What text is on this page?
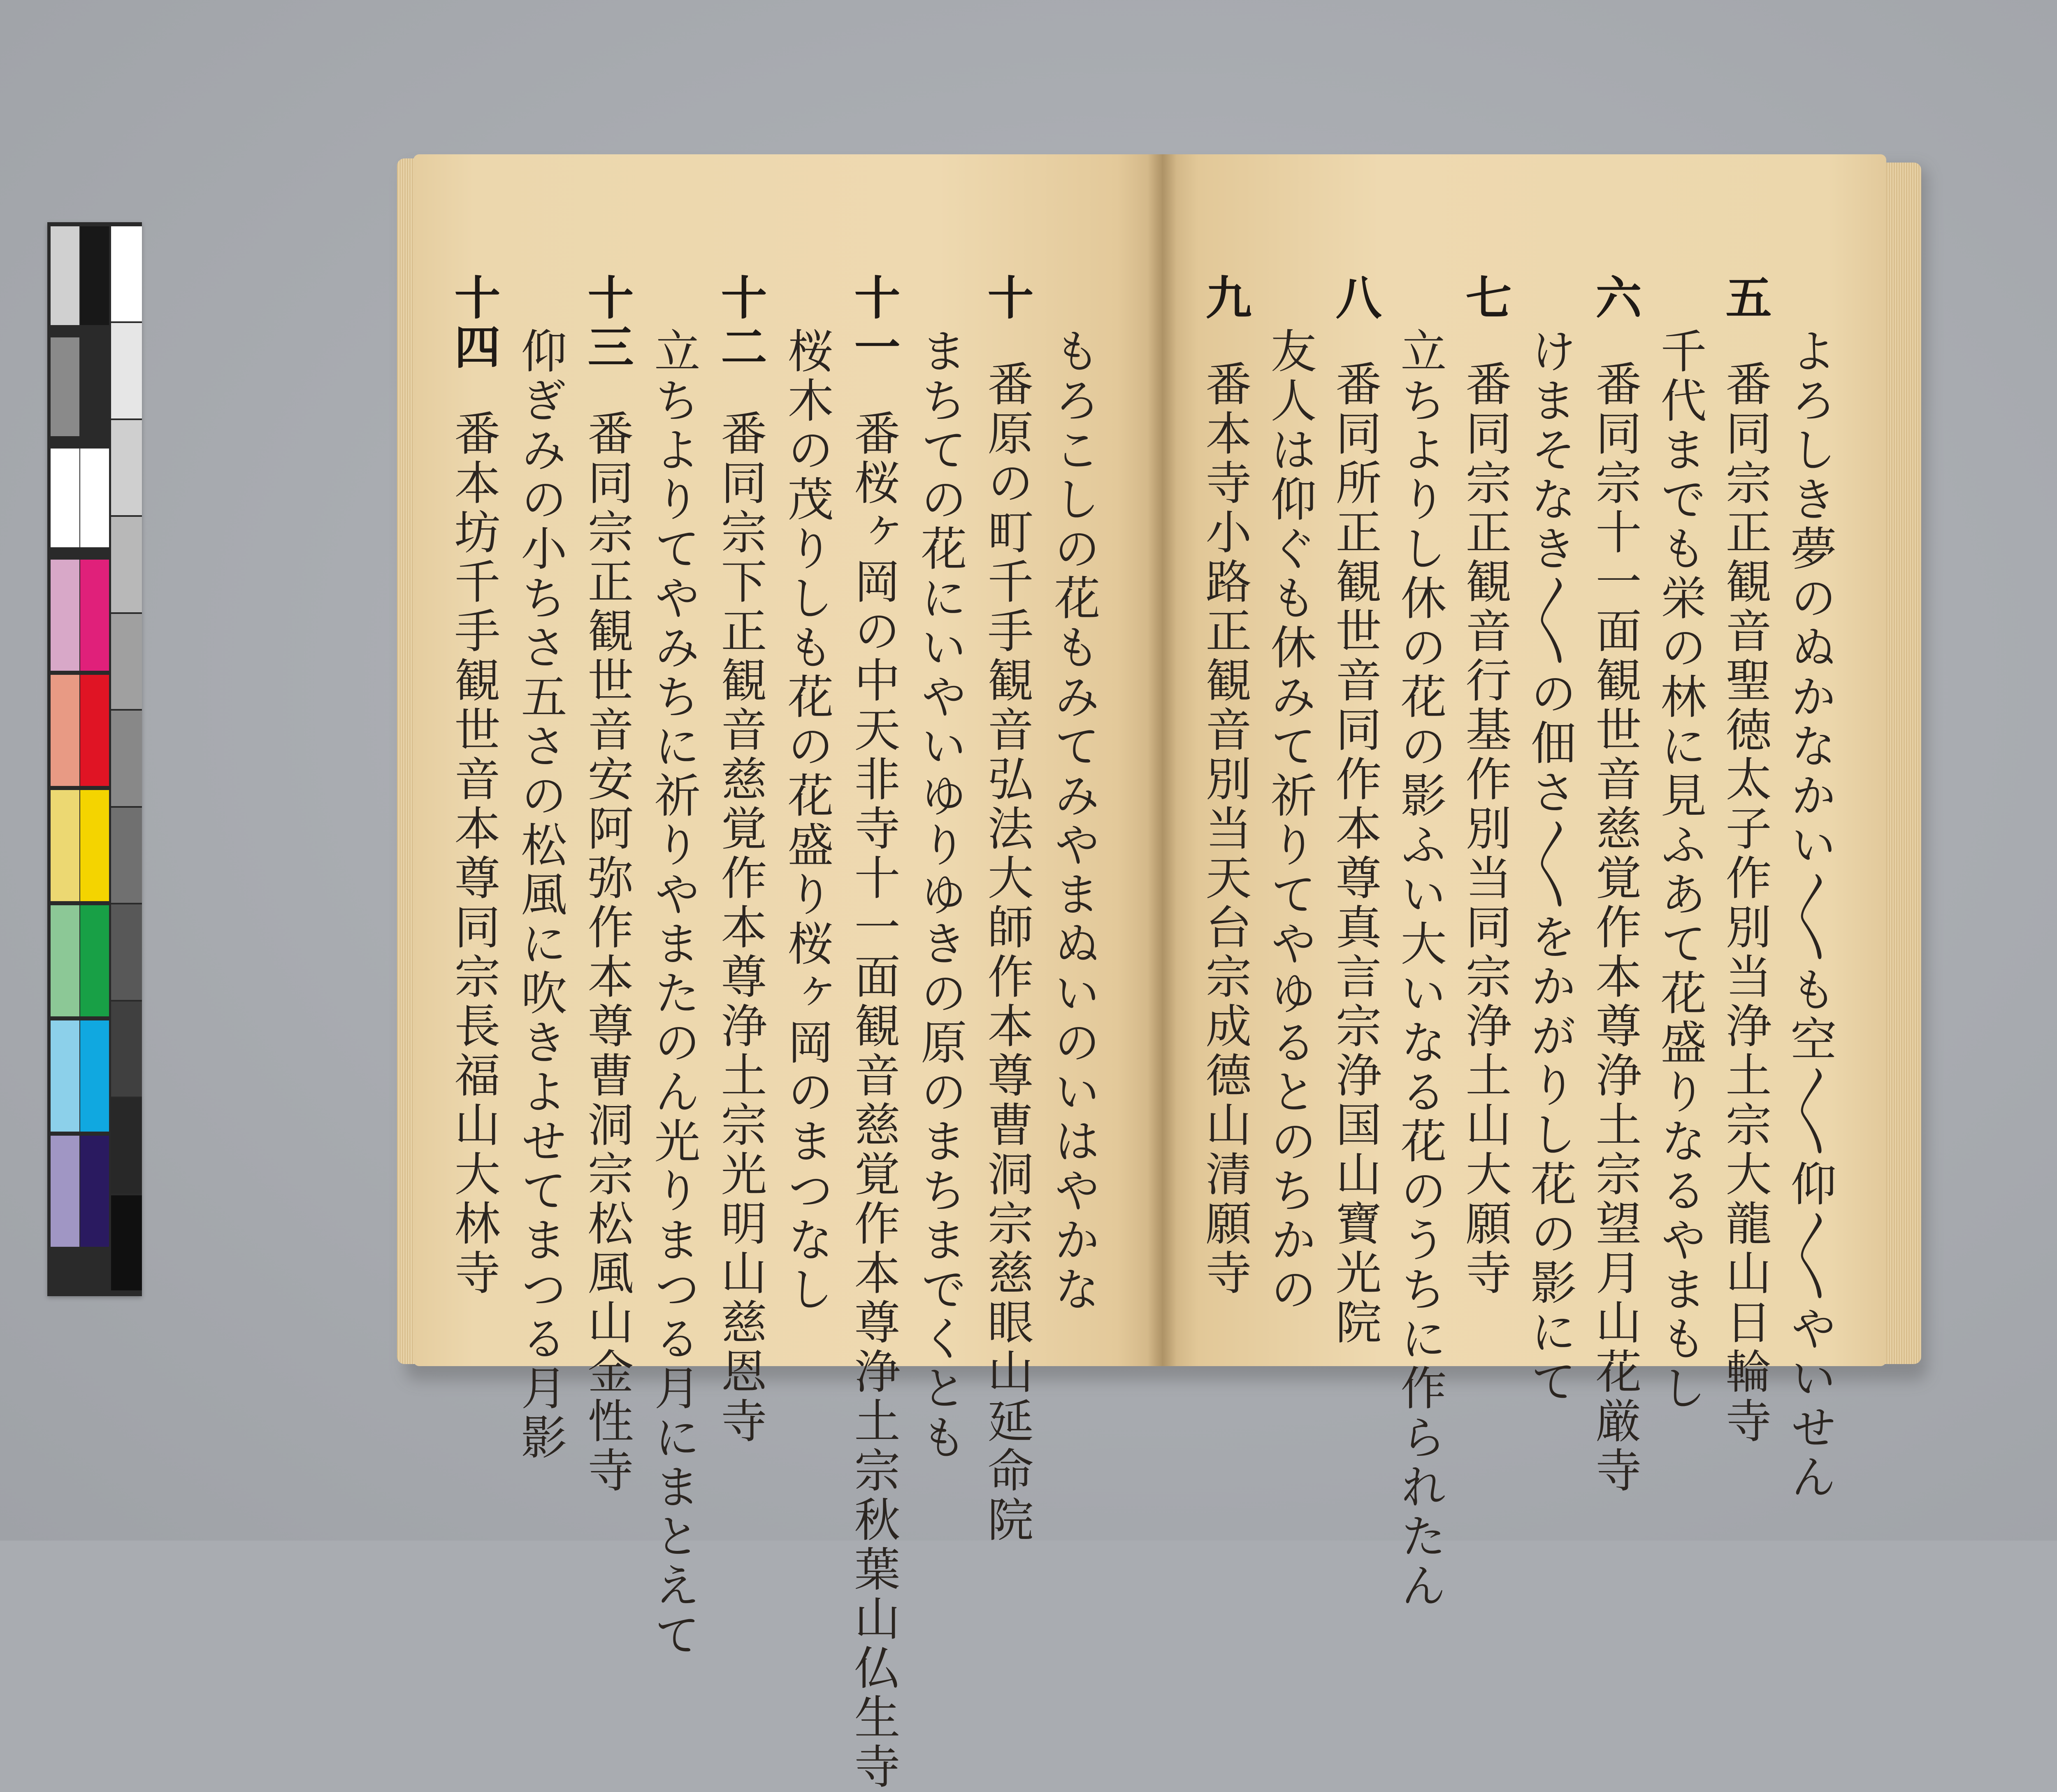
もろこしの花もみてみやまぬいのいはやかな
十番原の町千手観音弘法大師作本尊曹洞宗慈眼山延命院
まちての花にいやいゆりゆきの原のまちまでくとも
十一番桜ヶ岡の中天非寺十一面観音慈覚作本尊浄土宗秋葉山仏生寺
桜木の茂りしも花の花盛り桜ヶ岡のまつなし
十二番同宗下正観音慈覚作本尊浄土宗光明山慈恩寺
立ちよりてやみちに祈りやまたのん光りまつる月にまとえて
十三番同宗正観世音安阿弥作本尊曹洞宗松風山金性寺
仰ぎみの小ちさ五さの松風に吹きよせてまつる月影
十四番本坊千手観世音本尊同宗長福山大林寺	よろしき夢のぬかなかい〱も空〱仰〱やいせん
五番同宗正観音聖徳太子作別当浄土宗大龍山日輪寺
千代までも栄の林に見ふあて花盛りなるやまもし
六番同宗十一面観世音慈覚作本尊浄土宗望月山花厳寺
けまそなき〱の佃さ〱をかがりし花の影にて
七番同宗正観音行基作別当同宗浄土山大願寺
立ちよりし休の花の影ふい大いなる花のうちに作られたん
八番同所正観世音同作本尊真言宗浄国山寶光院
友人は仰ぐも休みて祈りてやゆるとのちかの
九番本寺小路正観音別当天台宗成德山清願寺
